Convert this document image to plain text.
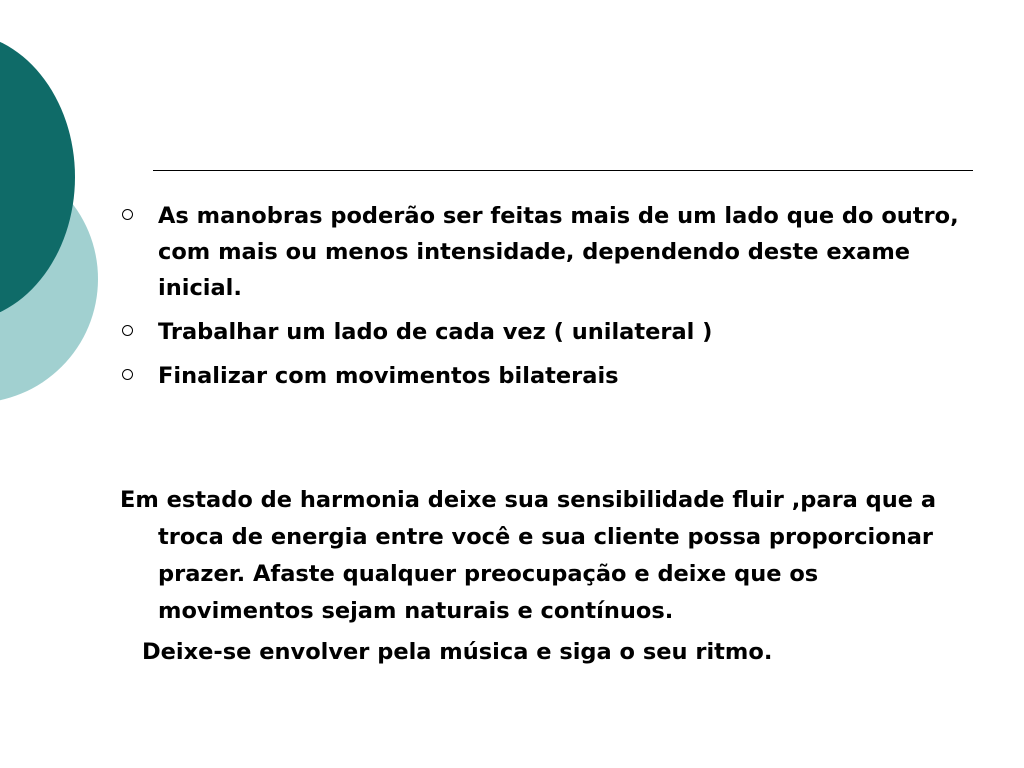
As manobras poderão ser feitas mais de um lado que do outro, com mais ou menos intensidade, dependendo deste exame inicial.
Trabalhar um lado de cada vez ( unilateral )
Finalizar com movimentos bilaterais

Em estado de harmonia deixe sua sensibilidade fluir ,para que a troca de energia entre você e sua cliente possa proporcionar prazer. Afaste qualquer preocupação e deixe que os movimentos sejam naturais e contínuos.

Deixe-se envolver pela música e siga o seu ritmo.
